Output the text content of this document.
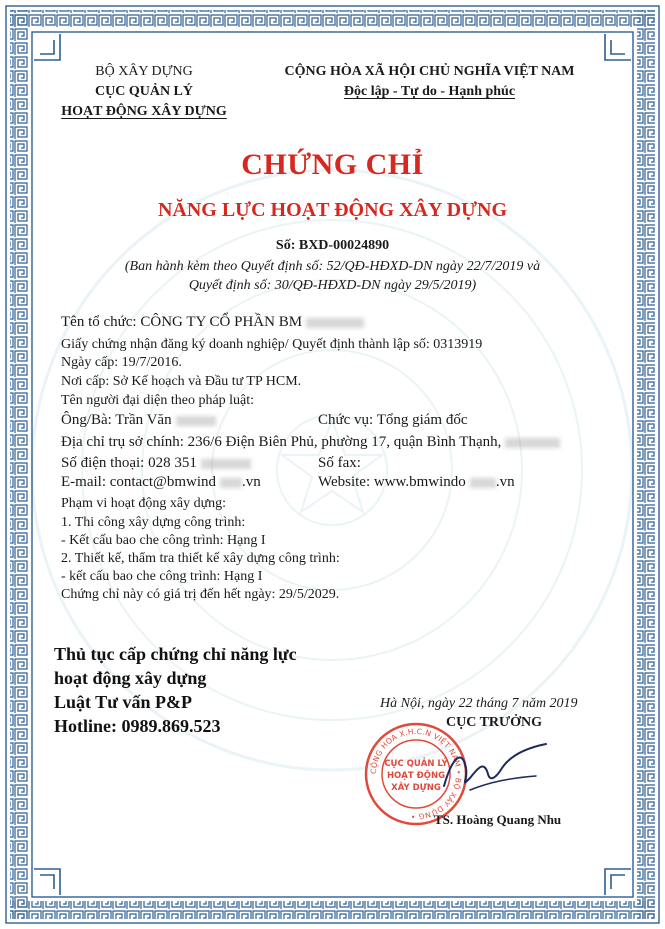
BỘ XÂY DỰNG
CỤC QUẢN LÝ
HOẠT ĐỘNG XÂY DỰNG
CỘNG HÒA XÃ HỘI CHỦ NGHĨA VIỆT NAM
Độc lập - Tự do - Hạnh phúc
CHỨNG CHỈ
NĂNG LỰC HOẠT ĐỘNG XÂY DỰNG
Số: BXD-00024890
(Ban hành kèm theo Quyết định số: 52/QĐ-HĐXD-DN ngày 22/7/2019 và
Quyết định số: 30/QĐ-HĐXD-DN ngày 29/5/2019)
Tên tổ chức: CÔNG TY CỔ PHẦN BM
Giấy chứng nhận đăng ký doanh nghiệp/ Quyết định thành lập số: 0313919
Ngày cấp: 19/7/2016.
Nơi cấp: Sở Kế hoạch và Đầu tư TP HCM.
Tên người đại diện theo pháp luật:
Ông/Bà: Trần Văn	Chức vụ: Tổng giám đốc
Địa chỉ trụ sở chính: 236/6 Điện Biên Phủ, phường 17, quận Bình Thạnh,
Số điện thoại: 028 351	Số fax:
E-mail: contact@bmwind .vn	Website: www.bmwindo .vn
Phạm vi hoạt động xây dựng:
1. Thi công xây dựng công trình:
- Kết cấu bao che công trình: Hạng I
2. Thiết kế, thẩm tra thiết kế xây dựng công trình:
- kết cấu bao che công trình: Hạng I
Chứng chỉ này có giá trị đến hết ngày: 29/5/2029.
Thủ tục cấp chứng chỉ năng lực
hoạt động xây dựng
Luật Tư vấn P&P
Hotline: 0989.869.523
Hà Nội, ngày 22 tháng 7 năm 2019
CỤC TRƯỞNG
CỘNG HÒA X.H.C.N VIỆT NAM • BỘ XÂY DỰNG •
CỤC QUẢN LÝ
HOẠT ĐỘNG
XÂY DỰNG
TS. Hoàng Quang Nhu
